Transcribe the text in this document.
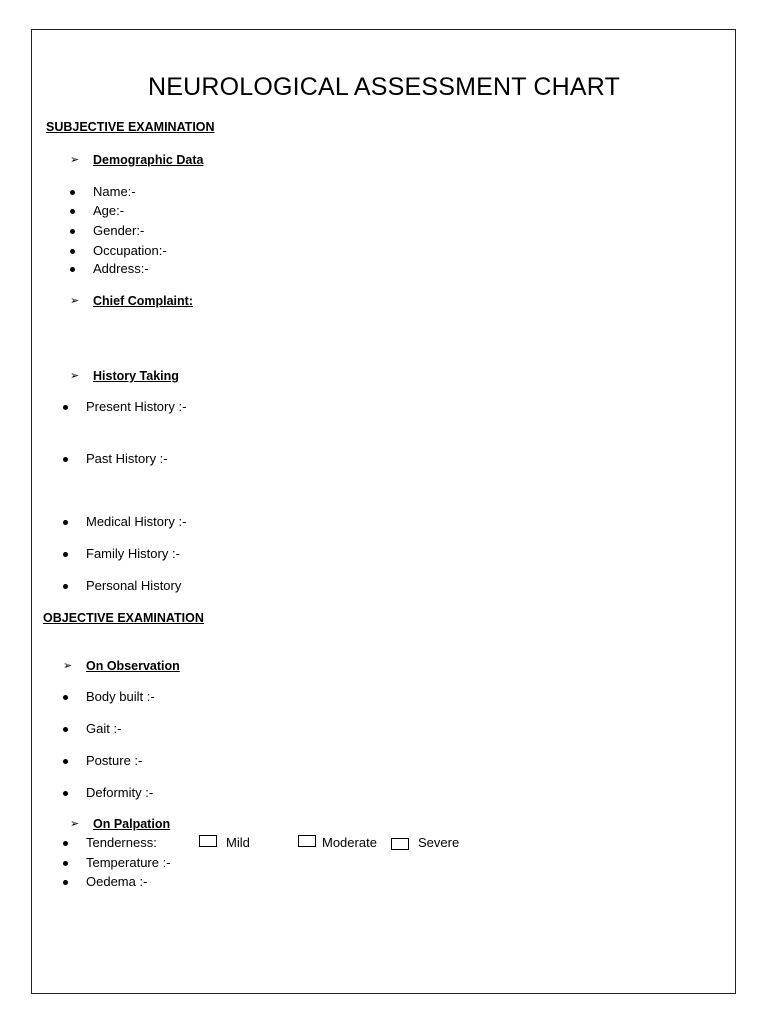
NEUROLOGICAL ASSESSMENT CHART
SUBJECTIVE EXAMINATION
➢ Demographic Data
Name:-
Age:-
Gender:-
Occupation:-
Address:-
➢ Chief Complaint:
➢ History Taking
Present History :-
Past History :-
Medical History :-
Family History :-
Personal History
OBJECTIVE EXAMINATION
➢ On Observation
Body built :-
Gait :-
Posture :-
Deformity :-
➢ On Palpation
Tenderness:	Mild	Moderate	Severe
Temperature :-
Oedema :-
